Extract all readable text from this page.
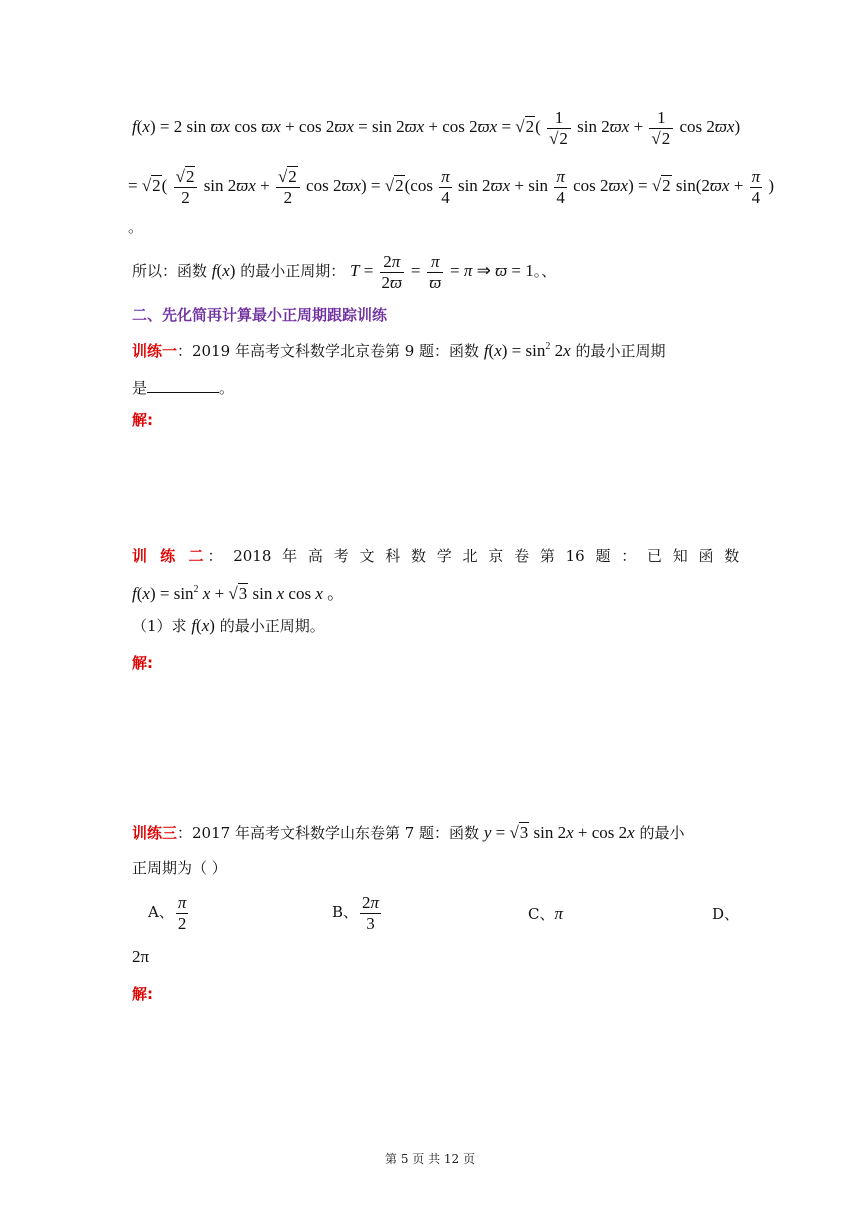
f(x) = 2 sin ϖx $\cos ϖx + \cos 2ϖx = \sin 2ϖx + \cos 2ϖx = √2( \frac{1}{√2}$ $\sin 2ϖx + \frac{1}{√2}$ cos 2ϖx)
= $√2( \frac{√2}{2}$ $\sin 2ϖx + \frac{√2}{2}$ $\cos 2ϖx) = √2(\cos \frac{\pi}{4}$ $\sin 2ϖx + \sin \frac{\pi}{4}$ cos 2ϖx) = √2 $\sin(2ϖx + \frac{\pi}{4}$ )
。
所以：函数 f(x) 的最小正周期： $T = \frac{2\pi}{2ϖ} = \frac{\pi}{ϖ} = \pi$ ⇒ ϖ = 1。、
二、先化简再计算最小正周期跟踪训练
训练一：2019 年高考文科数学北京卷第 9 题：函数 $f(x) = \sin^2 2x$ 的最小正周期
是	。
解:
训 练 二： 2018 年 高 考 文 科 数 学 北 京 卷 第 16 题 ： 已 知 函 数
$f(x) = \sin^2 x + √3$ sin x cos x 。
（1）求 f(x) 的最小正周期。
解:
训练三：2017 年高考文科数学山东卷第 7 题：函数 y = √3 sin 2x + cos 2x 的最小
正周期为（ ）
A、 $\frac{\pi}{2}$	B、 $\frac{2\pi}{3}$	C、π	D、
2π
解:
第 5 页 共 12 页
